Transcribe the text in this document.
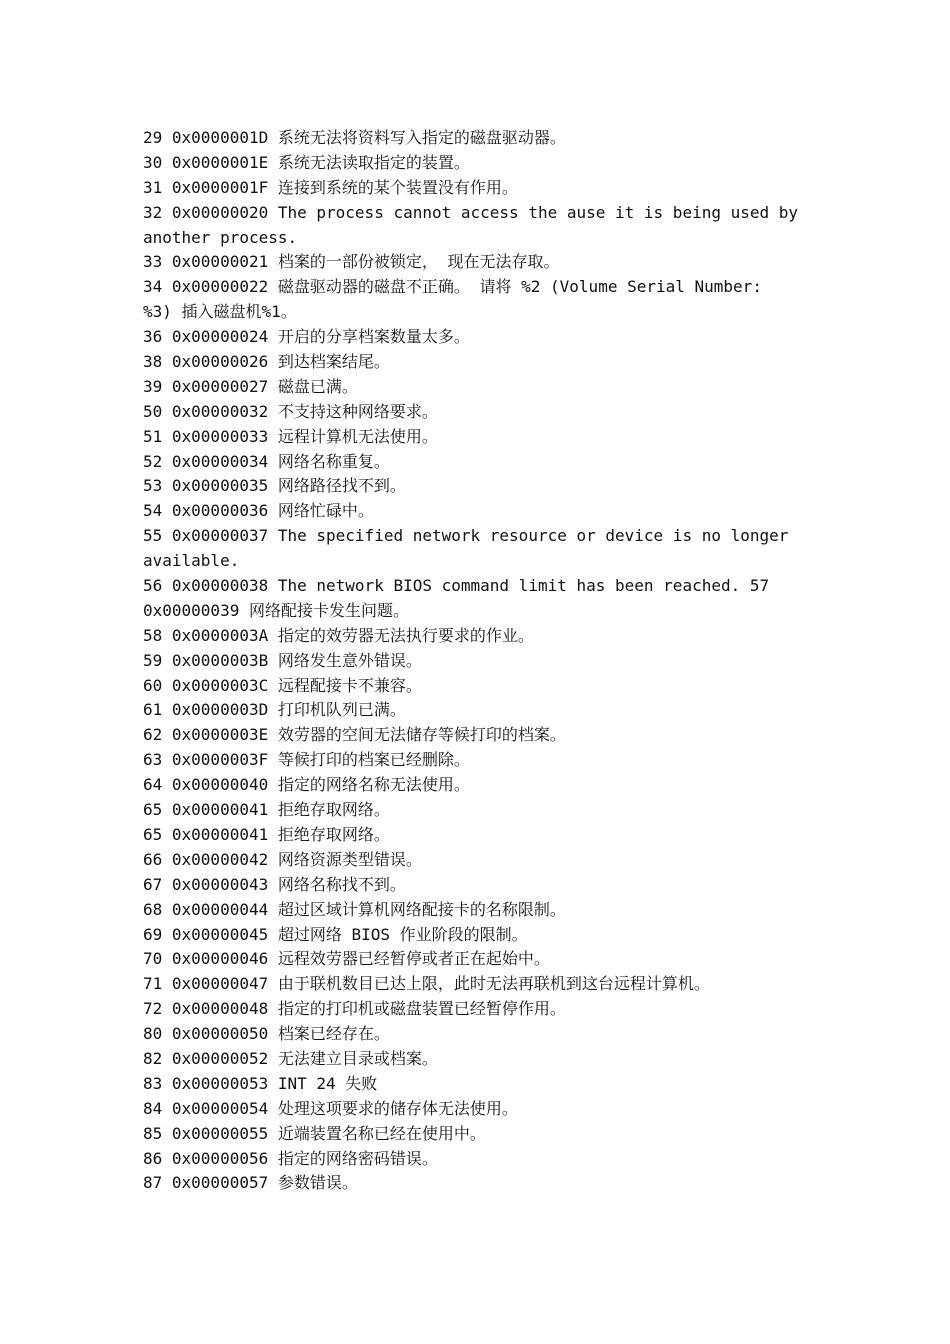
29 0x0000001D 系统无法将资料写入指定的磁盘驱动器。

30 0x0000001E 系统无法读取指定的装置。

31 0x0000001F 连接到系统的某个装置没有作用。

32 0x00000020 The process cannot access the ause it is being used by

another process.

33 0x00000021 档案的一部份被锁定， 现在无法存取。

34 0x00000022 磁盘驱动器的磁盘不正确。 请将 %2 (Volume Serial Number:

%3) 插入磁盘机%1。

36 0x00000024 开启的分享档案数量太多。

38 0x00000026 到达档案结尾。

39 0x00000027 磁盘已满。

50 0x00000032 不支持这种网络要求。

51 0x00000033 远程计算机无法使用。

52 0x00000034 网络名称重复。

53 0x00000035 网络路径找不到。

54 0x00000036 网络忙碌中。

55 0x00000037 The specified network resource or device is no longer

available.

56 0x00000038 The network BIOS command limit has been reached. 57

0x00000039 网络配接卡发生问题。

58 0x0000003A 指定的效劳器无法执行要求的作业。

59 0x0000003B 网络发生意外错误。

60 0x0000003C 远程配接卡不兼容。

61 0x0000003D 打印机队列已满。

62 0x0000003E 效劳器的空间无法储存等候打印的档案。

63 0x0000003F 等候打印的档案已经删除。

64 0x00000040 指定的网络名称无法使用。

65 0x00000041 拒绝存取网络。

65 0x00000041 拒绝存取网络。

66 0x00000042 网络资源类型错误。

67 0x00000043 网络名称找不到。

68 0x00000044 超过区域计算机网络配接卡的名称限制。

69 0x00000045 超过网络 BIOS 作业阶段的限制。

70 0x00000046 远程效劳器已经暂停或者正在起始中。

71 0x00000047 由于联机数目已达上限，此时无法再联机到这台远程计算机。

72 0x00000048 指定的打印机或磁盘装置已经暂停作用。

80 0x00000050 档案已经存在。

82 0x00000052 无法建立目录或档案。

83 0x00000053 INT 24 失败

84 0x00000054 处理这项要求的储存体无法使用。

85 0x00000055 近端装置名称已经在使用中。

86 0x00000056 指定的网络密码错误。

87 0x00000057 参数错误。
